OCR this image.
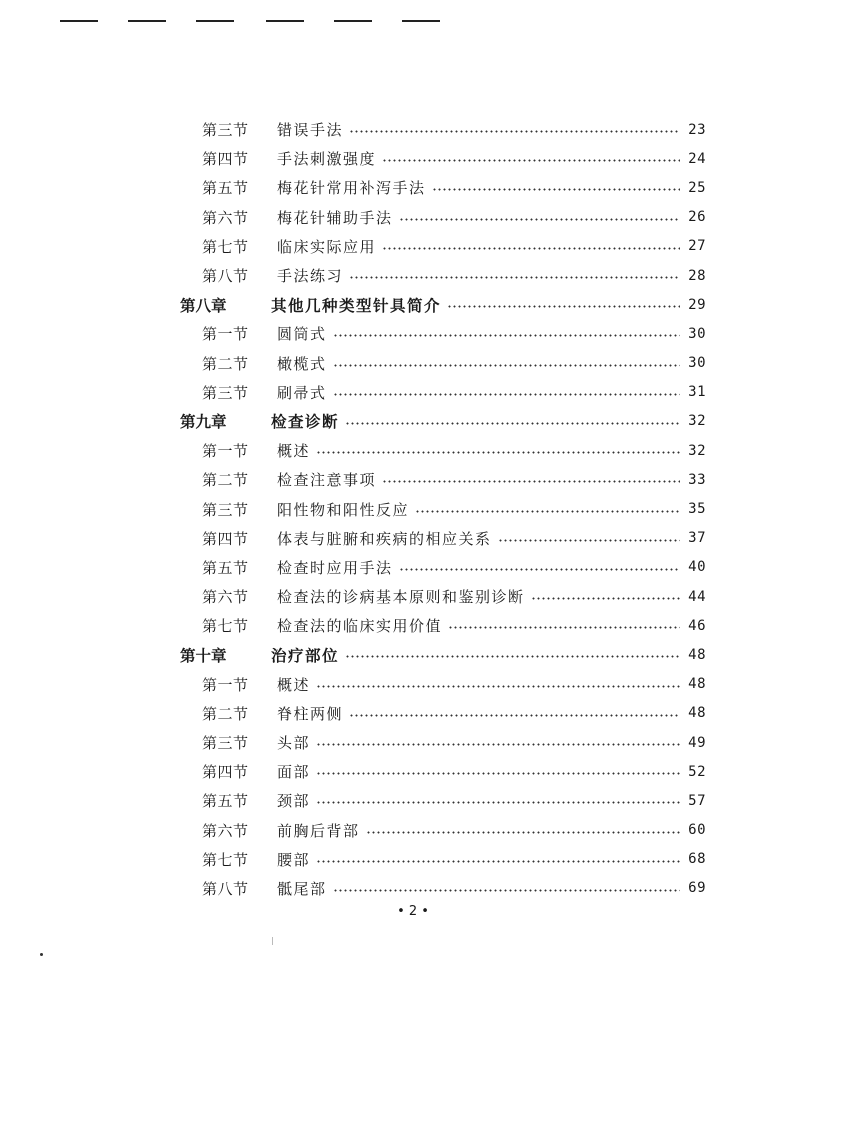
第三节	错误手法	23
第四节	手法刺激强度	24
第五节	梅花针常用补泻手法	25
第六节	梅花针辅助手法	26
第七节	临床实际应用	27
第八节	手法练习	28
第八章	其他几种类型针具简介	29
第一节	圆筒式	30
第二节	橄榄式	30
第三节	刷帚式	31
第九章	检查诊断	32
第一节	概述	32
第二节	检查注意事项	33
第三节	阳性物和阳性反应	35
第四节	体表与脏腑和疾病的相应关系	37
第五节	检查时应用手法	40
第六节	检查法的诊病基本原则和鉴别诊断	44
第七节	检查法的临床实用价值	46
第十章	治疗部位	48
第一节	概述	48
第二节	脊柱两侧	48
第三节	头部	49
第四节	面部	52
第五节	颈部	57
第六节	前胸后背部	60
第七节	腰部	68
第八节	骶尾部	69
• 2 •
